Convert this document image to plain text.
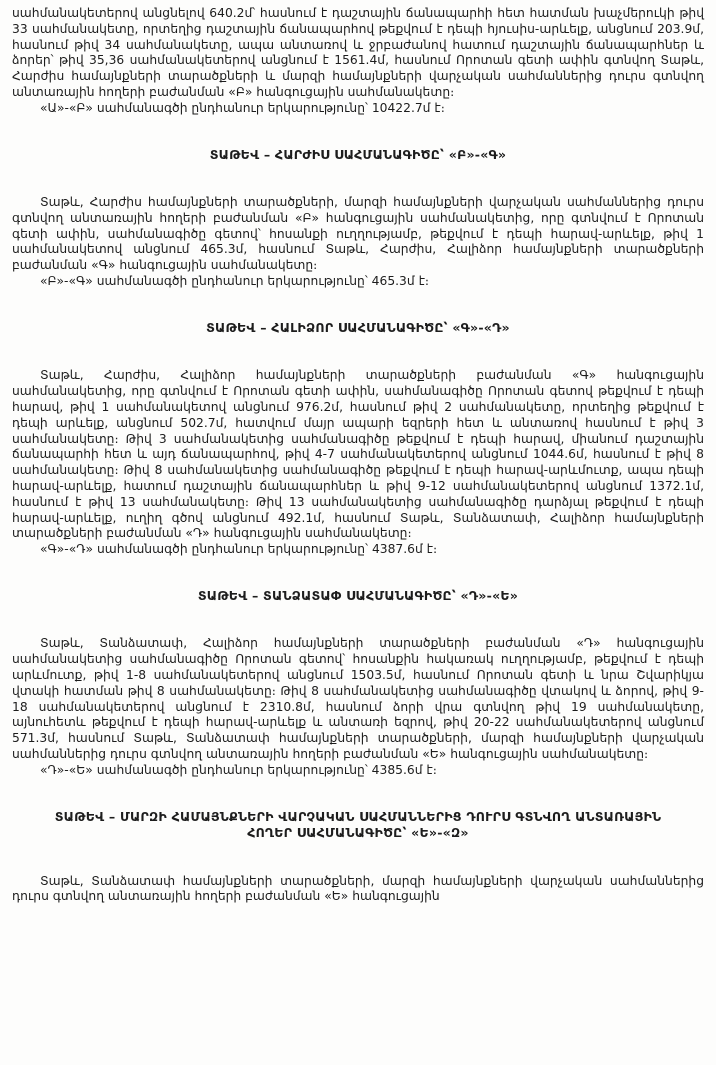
սահմանակետերով անցնելով 640.2մ՝ հասնում է դաշտային ճանապարհի հետ հատման խաչմերուկի թիվ 33 սահմանակետը, որտեղից դաշտային ճանապարհով թեքվում է դեպի հյուսիս-արևելք, անցնում 203.9մ, հասնում թիվ 34 սահմանակետը, ապա անտառով և ջրբաժանով հատում դաշտային ճանապարհներ և ձորեր՝ թիվ 35,36 սահմանակետերով անցնում է 1561.4մ, հասնում Որոտան գետի ափին գտնվող Տաթև, Հարժիս համայնքների տարածքների և մարզի համայնքների վարչական սահմաններից դուրս գտնվող անտառային հողերի բաժանման «Բ» հանգուցային սահմանակետը։

«Ա»-«Բ» սահմանագծի ընդհանուր երկարությունը՝ 10422.7մ է։

ՏԱԹԵՎ – ՀԱՐԺԻՍ ՍԱՀՄԱՆԱԳԻԾԸ՝ «Բ»-«Գ»

Տաթև, Հարժիս համայնքների տարածքների, մարզի համայնքների վարչական սահմաններից դուրս գտնվող անտառային հողերի բաժանման «Բ» հանգուցային սահմանակետից, որը գտնվում է Որոտան գետի ափին, սահմանագիծը գետով՝ հոսանքի ուղղությամբ, թեքվում է դեպի հարավ-արևելք, թիվ 1 սահմանակետով անցնում 465.3մ, հասնում Տաթև, Հարժիս, Հալիձոր համայնքների տարածքների բաժանման «Գ» հանգուցային սահմանակետը։

«Բ»-«Գ» սահմանագծի ընդհանուր երկարությունը՝ 465.3մ է։

ՏԱԹԵՎ – ՀԱԼԻՁՈՐ ՍԱՀՄԱՆԱԳԻԾԸ՝ «Գ»-«Դ»

Տաթև, Հարժիս, Հալիձոր համայնքների տարածքների բաժանման «Գ» հանգուցային սահմանակետից, որը գտնվում է Որոտան գետի ափին, սահմանագիծը Որոտան գետով թեքվում է դեպի հարավ, թիվ 1 սահմանակետով անցնում 976.2մ, հասնում թիվ 2 սահմանակետը, որտեղից թեքվում է դեպի արևելք, անցնում 502.7մ, հատվում մայր ապարի եզրերի հետ և անտառով հասնում է թիվ 3 սահմանակետը։ Թիվ 3 սահմանակետից սահմանագիծը թեքվում է դեպի հարավ, միանում դաշտային ճանապարհի հետ և այդ ճանապարհով, թիվ 4-7 սահմանակետերով անցնում 1044.6մ, հասնում է թիվ 8 սահմանակետը։ Թիվ 8 սահմանակետից սահմանագիծը թեքվում է դեպի հարավ-արևմուտք, ապա դեպի հարավ-արևելք, հատում դաշտային ճանապարհներ և թիվ 9-12 սահմանակետերով անցնում 1372.1մ, հասնում է թիվ 13 սահմանակետը։ Թիվ 13 սահմանակետից սահմանագիծը դարձյալ թեքվում է դեպի հարավ-արևելք, ուղիղ գծով անցնում 492.1մ, հասնում Տաթև, Տանձատափ, Հալիձոր համայնքների տարածքների բաժանման «Դ» հանգուցային սահմանակետը։

«Գ»-«Դ» սահմանագծի ընդհանուր երկարությունը՝ 4387.6մ է։

ՏԱԹԵՎ – ՏԱՆՁԱՏԱՓ ՍԱՀՄԱՆԱԳԻԾԸ՝ «Դ»-«Ե»

Տաթև, Տանձատափ, Հալիձոր համայնքների տարածքների բաժանման «Դ» հանգուցային սահմանակետից սահմանագիծը Որոտան գետով՝ հոսանքին հակառակ ուղղությամբ, թեքվում է դեպի արևմուտք, թիվ 1-8 սահմանակետերով անցնում 1503.5մ, հասնում Որոտան գետի և նրա Շվարիկյա վտակի հատման թիվ 8 սահմանակետը։ Թիվ 8 սահմանակետից սահմանագիծը վտակով և ձորով, թիվ 9-18 սահմանակետերով անցնում է 2310.8մ, հասնում ձորի վրա գտնվող թիվ 19 սահմանակետը, այնուհետև թեքվում է դեպի հարավ-արևելք և անտառի եզրով, թիվ 20-22 սահմանակետերով անցնում 571.3մ, հասնում Տաթև, Տանձատափ համայնքների տարածքների, մարզի համայնքների վարչական սահմաններից դուրս գտնվող անտառային հողերի բաժանման «Ե» հանգուցային սահմանակետը։

«Դ»-«Ե» սահմանագծի ընդհանուր երկարությունը՝ 4385.6մ է։

ՏԱԹԵՎ – ՄԱՐԶԻ ՀԱՄԱՅՆՔՆԵՐԻ ՎԱՐՉԱԿԱՆ ՍԱՀՄԱՆՆԵՐԻՑ ԴՈՒՐՍ ԳՏՆՎՈՂ ԱՆՏԱՌԱՅԻՆ ՀՈՂԵՐ ՍԱՀՄԱՆԱԳԻԾԸ՝ «Ե»-«Զ»

Տաթև, Տանձատափ համայնքների տարածքների, մարզի համայնքների վարչական սահմաններից դուրս գտնվող անտառային հողերի բաժանման «Ե» հանգուցային
